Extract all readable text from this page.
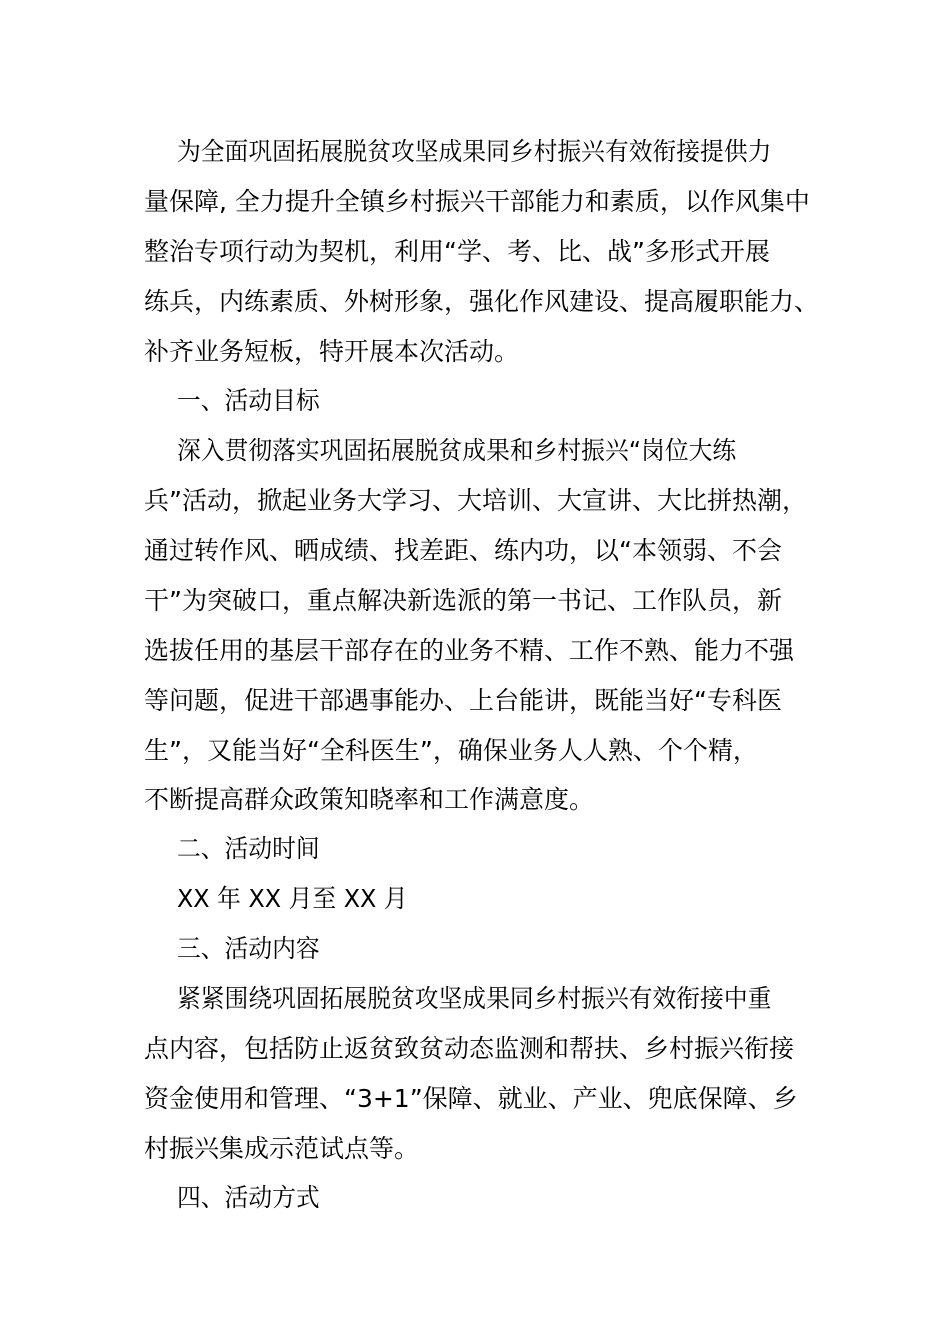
为全面巩固拓展脱贫攻坚成果同乡村振兴有效衔接提供力
量保障, 全力提升全镇乡村振兴干部能力和素质，以作风集中
整治专项行动为契机，利用“学、考、比、战”多形式开展
练兵，内练素质、外树形象，强化作风建设、提高履职能力、
补齐业务短板，特开展本次活动。
一、活动目标
深入贯彻落实巩固拓展脱贫成果和乡村振兴“岗位大练
兵”活动，掀起业务大学习、大培训、大宣讲、大比拼热潮，
通过转作风、晒成绩、找差距、练内功，以“本领弱、不会
干”为突破口，重点解决新选派的第一书记、工作队员，新
选拔任用的基层干部存在的业务不精、工作不熟、能力不强
等问题，促进干部遇事能办、上台能讲，既能当好“专科医
生”，又能当好“全科医生”，确保业务人人熟、个个精，
不断提高群众政策知晓率和工作满意度。
二、活动时间
XX 年 XX 月至 XX 月
三、活动内容
紧紧围绕巩固拓展脱贫攻坚成果同乡村振兴有效衔接中重
点内容，包括防止返贫致贫动态监测和帮扶、乡村振兴衔接
资金使用和管理、“3+1”保障、就业、产业、兜底保障、乡
村振兴集成示范试点等。
四、活动方式
